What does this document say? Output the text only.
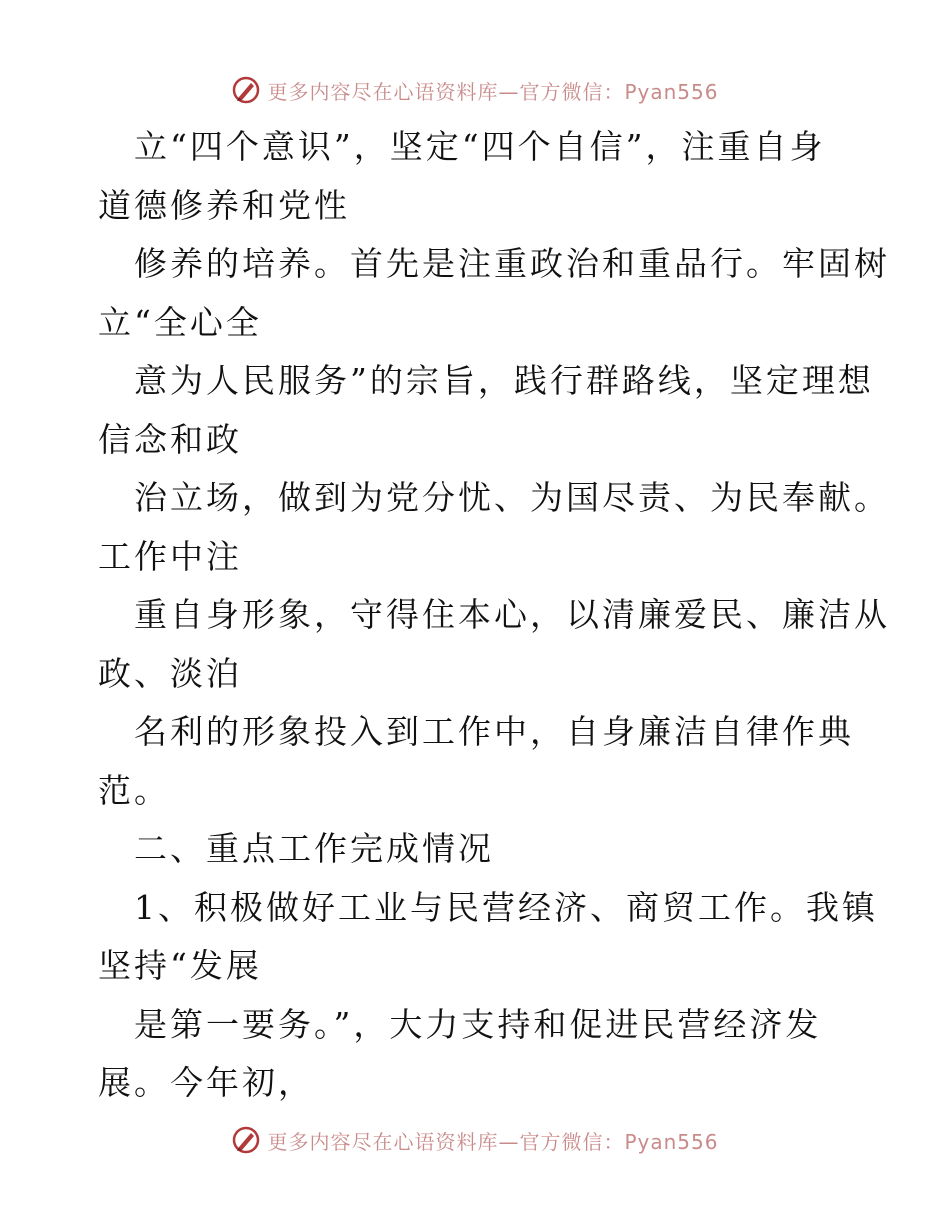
更多内容尽在心语资料库—官方微信：Pyan556
立“四个意识”，坚定“四个自信”，注重自身
道德修养和党性
修养的培养。首先是注重政治和重品行。牢固树
立“全心全
意为人民服务”的宗旨，践行群路线，坚定理想
信念和政
治立场，做到为党分忧、为国尽责、为民奉献。
工作中注
重自身形象，守得住本心，以清廉爱民、廉洁从
政、淡泊
名利的形象投入到工作中，自身廉洁自律作典
范。
二、重点工作完成情况
1、积极做好工业与民营经济、商贸工作。我镇
坚持“发展
是第一要务。”，大力支持和促进民营经济发
展。今年初，
更多内容尽在心语资料库—官方微信：Pyan556
